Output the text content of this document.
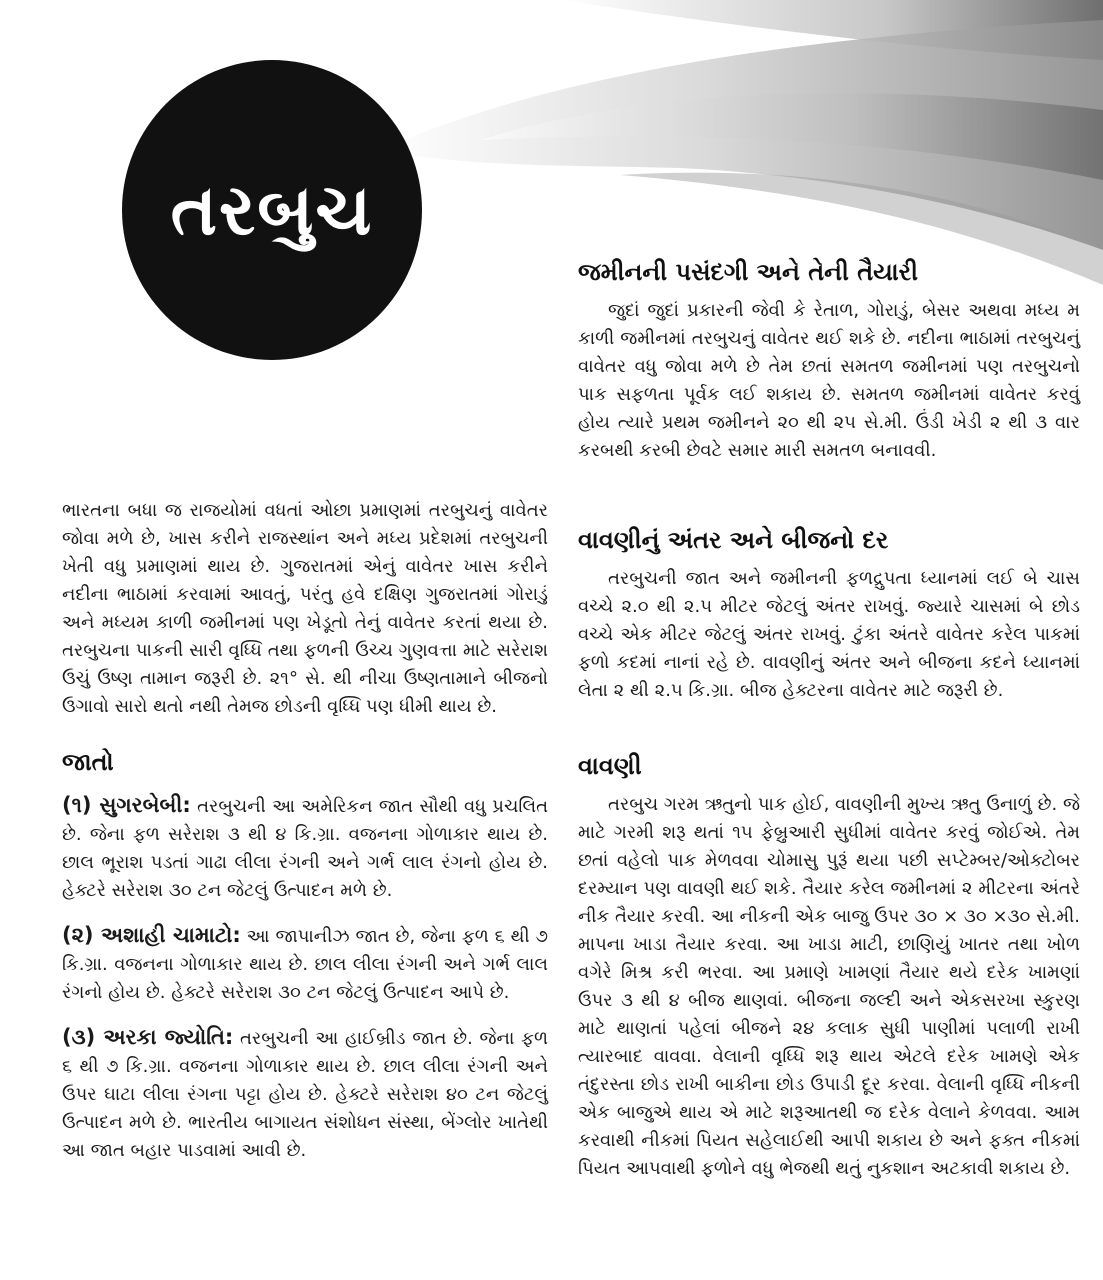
તરબુચ

ભારતના બધા જ રાજયોમાં વધતાં ઓછા પ્રમાણમાં તરબુચનું વાવેતર જોવા મળે છે, ખાસ કરીને રાજસ્થાંન અને મધ્ય પ્રદેશમાં તરબુચની ખેતી વધુ પ્રમાણમાં થાય છે. ગુજરાતમાં એનું વાવેતર ખાસ કરીને નદીના ભાઠામાં કરવામાં આવતું, પરંતુ હવે દક્ષિણ ગુજરાતમાં ગોરાડું અને મધ્યમ કાળી જમીનમાં પણ ખેડૂતો તેનું વાવેતર કરતાં થયા છે. તરબુચના પાકની સારી વૃધ્ધિ તથા ફળની ઉચ્ચ ગુણવત્તા માટે સરેરાશ ઉચું ઉષ્ણ તામાન જરૂરી છે. ૨૧° સે. થી નીચા ઉષ્ણતામાને બીજનો ઉગાવો સારો થતો નથી તેમજ છોડની વૃધ્ધિ પણ ધીમી થાય છે.

જાતો

(૧) સુગરબેબી: તરબુચની આ અમેરિકન જાત સૌથી વધુ પ્રચલિત છે. જેના ફળ સરેરાશ ૩ થી ૪ કિ.ગ્રા. વજનના ગોળાકાર થાય છે. છાલ ભૂરાશ પડતાં ગાઢા લીલા રંગની અને ગર્ભ લાલ રંગનો હોય છે. હેક્ટરે સરેરાશ ૩૦ ટન જેટલું ઉત્પાદન મળે છે.

(૨) અશાહી ચામાટો: આ જાપાનીઝ જાત છે, જેના ફળ ૬ થી ૭ કિ.ગ્રા. વજનના ગોળાકાર થાય છે. છાલ લીલા રંગની અને ગર્ભ લાલ રંગનો હોય છે. હેક્ટરે સરેરાશ ૩૦ ટન જેટલું ઉત્પાદન આપે છે.

(૩) અરકા જ્યોતિ: તરબુચની આ હાઈબ્રીડ જાત છે. જેના ફળ ૬ થી ૭ કિ.ગ્રા. વજનના ગોળાકાર થાય છે. છાલ લીલા રંગની અને ઉપર ઘાટા લીલા રંગના પટ્ટા હોય છે. હેક્ટરે સરેરાશ ૪૦ ટન જેટલું ઉત્પાદન મળે છે. ભારતીય બાગાયત સંશોધન સંસ્થા, બેંગ્લોર ખાતેથી આ જાત બહાર પાડવામાં આવી છે.

જમીનની પસંદગી અને તેની તૈયારી

જુદાં જુદાં પ્રકારની જેવી કે રેતાળ, ગોરાડું, બેસર અથવા મધ્ય મ કાળી જમીનમાં તરબુચનું વાવેતર થઈ શકે છે. નદીના ભાઠામાં તરબુચનું વાવેતર વધુ જોવા મળે છે તેમ છતાં સમતળ જમીનમાં પણ તરબુચનો પાક સફળતા પૂર્વક લઈ શકાય છે. સમતળ જમીનમાં વાવેતર કરવું હોય ત્યારે પ્રથમ જમીનને ૨૦ થી ૨૫ સે.મી. ઉંડી ખેડી ૨ થી ૩ વાર કરબથી કરબી છેવટે સમાર મારી સમતળ બનાવવી.

વાવણીનું અંતર અને બીજનો દર

તરબુચની જાત અને જમીનની ફળદ્રુપતા ધ્યાનમાં લઈ બે ચાસ વચ્ચે ૨.૦ થી ૨.૫ મીટર જેટલું અંતર રાખવું. જ્યારે ચાસમાં બે છોડ વચ્ચે એક મીટર જેટલું અંતર રાખવું. ટુંકા અંતરે વાવેતર કરેલ પાકમાં ફળો કદમાં નાનાં રહે છે. વાવણીનું અંતર અને બીજના કદને ધ્યાનમાં લેતા ૨ થી ૨.૫ કિ.ગ્રા. બીજ હેક્ટરના વાવેતર માટે જરૂરી છે.

વાવણી

તરબુચ ગરમ ઋતુનો પાક હોઈ, વાવણીની મુખ્ય ઋતુ ઉનાળું છે. જે માટે ગરમી શરૂ થતાં ૧૫ ફેબ્રુઆરી સુધીમાં વાવેતર કરવું જોઈએ. તેમ છતાં વહેલો પાક મેળવવા ચોમાસુ પુરૂં થયા પછી સપ્ટેમ્બર/ઓક્ટોબર દરમ્યાન પણ વાવણી થઈ શકે. તૈયાર કરેલ જમીનમાં ૨ મીટરના અંતરે નીક તૈયાર કરવી. આ નીકની એક બાજુ ઉપર ૩૦ × ૩૦ ×૩૦ સે.મી. માપના ખાડા તૈયાર કરવા. આ ખાડા માટી, છાણિયું ખાતર તથા ખોળ વગેરે મિશ્ર કરી ભરવા. આ પ્રમાણે ખામણાં તૈયાર થયે દરેક ખામણાં ઉપર ૩ થી ૪ બીજ થાણવાં. બીજના જલ્દી અને એકસરખા સ્કુરણ માટે થાણતાં પહેલાં બીજને ૨૪ કલાક સુધી પાણીમાં પલાળી રાખી ત્યારબાદ વાવવા. વેલાની વૃધ્ધિ શરૂ થાય એટલે દરેક ખામણે એક તંદુરસ્તા છોડ રાખી બાકીના છોડ ઉપાડી દૂર કરવા. વેલાની વૃધ્ધિ નીકની એક બાજુએ થાય એ માટે શરૂઆતથી જ દરેક વેલાને કેળવવા. આમ કરવાથી નીકમાં પિયત સહેલાઈથી આપી શકાય છે અને ફક્ત નીકમાં પિયત આપવાથી ફળોને વધુ ભેજથી થતું નુકશાન અટકાવી શકાય છે.
